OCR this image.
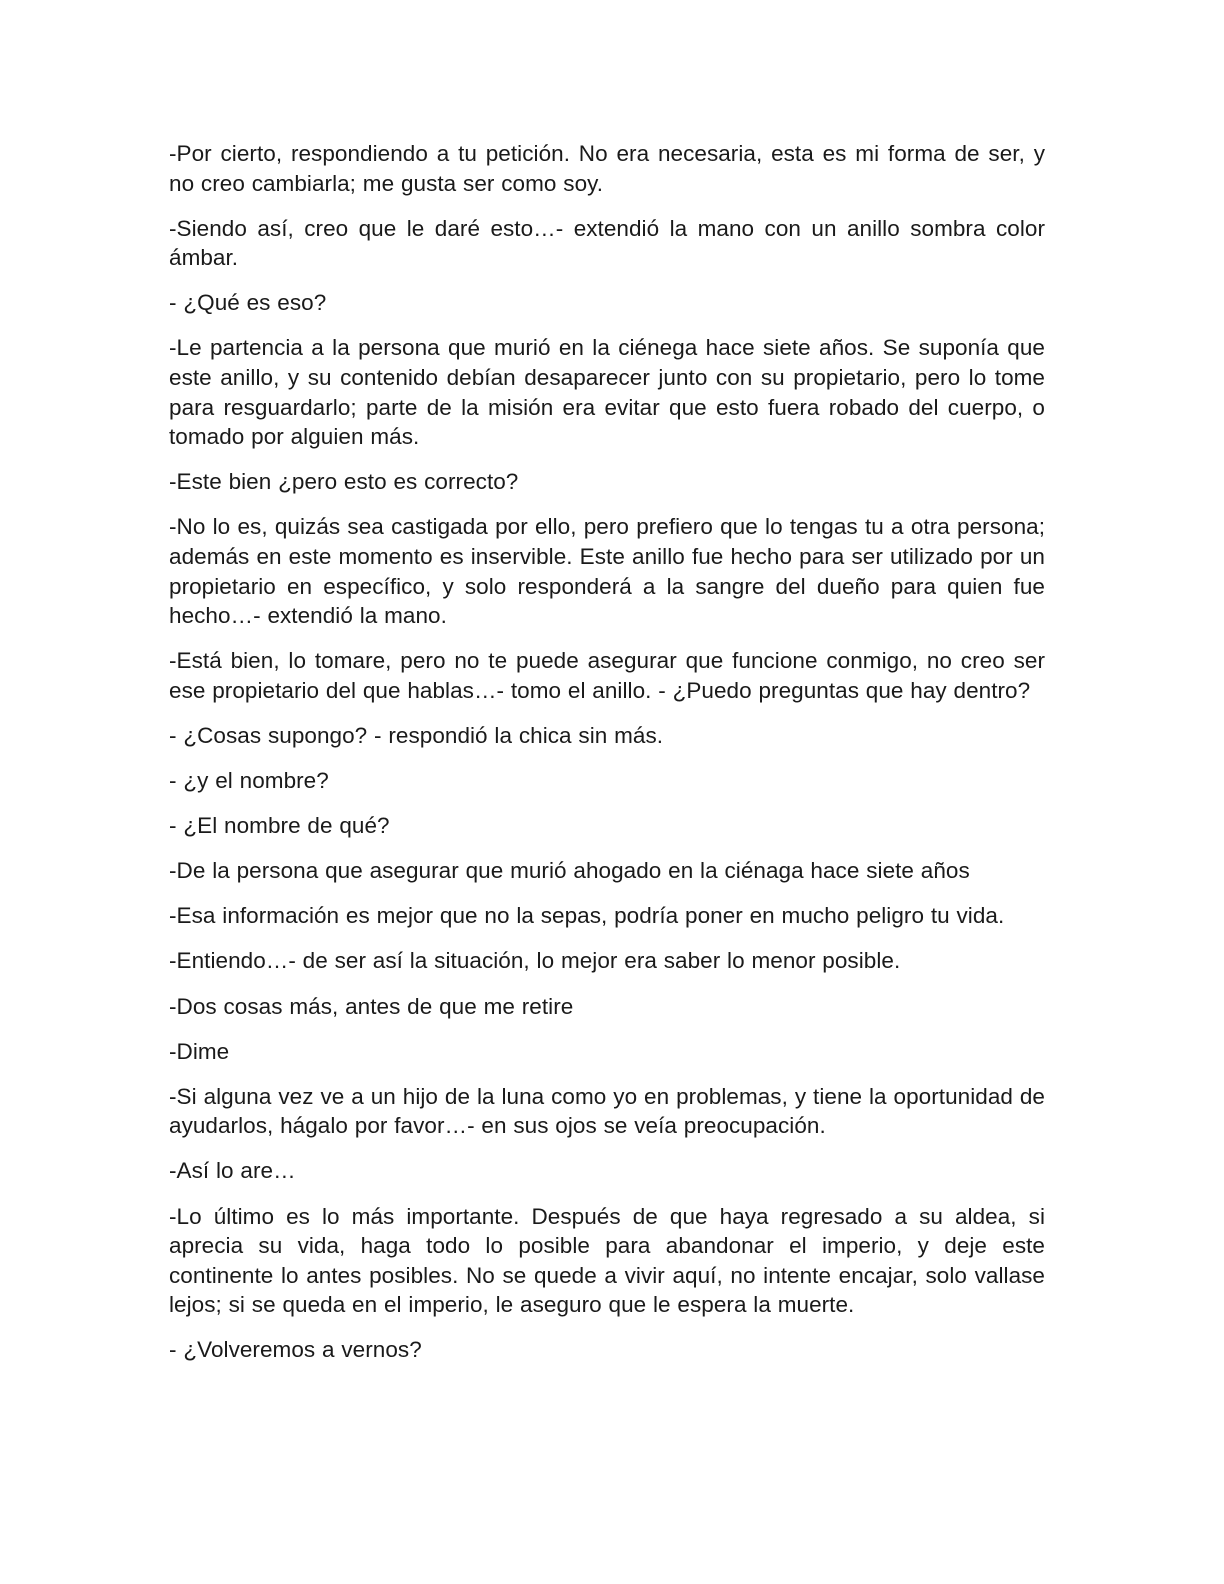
-Por cierto, respondiendo a tu petición. No era necesaria, esta es mi forma de ser, y no creo cambiarla; me gusta ser como soy.

-Siendo así, creo que le daré esto…- extendió la mano con un anillo sombra color ámbar.

- ¿Qué es eso?

-Le partencia a la persona que murió en la ciénega hace siete años. Se suponía que este anillo, y su contenido debían desaparecer junto con su propietario, pero lo tome para resguardarlo; parte de la misión era evitar que esto fuera robado del cuerpo, o tomado por alguien más.

-Este bien ¿pero esto es correcto?

-No lo es, quizás sea castigada por ello, pero prefiero que lo tengas tu a otra persona; además en este momento es inservible. Este anillo fue hecho para ser utilizado por un propietario en específico, y solo responderá a la sangre del dueño para quien fue hecho…- extendió la mano.

-Está bien, lo tomare, pero no te puede asegurar que funcione conmigo, no creo ser ese propietario del que hablas…- tomo el anillo. - ¿Puedo preguntas que hay dentro?

- ¿Cosas supongo? - respondió la chica sin más.

- ¿y el nombre?

- ¿El nombre de qué?

-De la persona que asegurar que murió ahogado en la ciénaga hace siete años

-Esa información es mejor que no la sepas, podría poner en mucho peligro tu vida.

-Entiendo…- de ser así la situación, lo mejor era saber lo menor posible.

-Dos cosas más, antes de que me retire

-Dime

-Si alguna vez ve a un hijo de la luna como yo en problemas, y tiene la oportunidad de ayudarlos, hágalo por favor…- en sus ojos se veía preocupación.

-Así lo are…

-Lo último es lo más importante. Después de que haya regresado a su aldea, si aprecia su vida, haga todo lo posible para abandonar el imperio, y deje este continente lo antes posibles. No se quede a vivir aquí, no intente encajar, solo vallase lejos; si se queda en el imperio, le aseguro que le espera la muerte.

- ¿Volveremos a vernos?
